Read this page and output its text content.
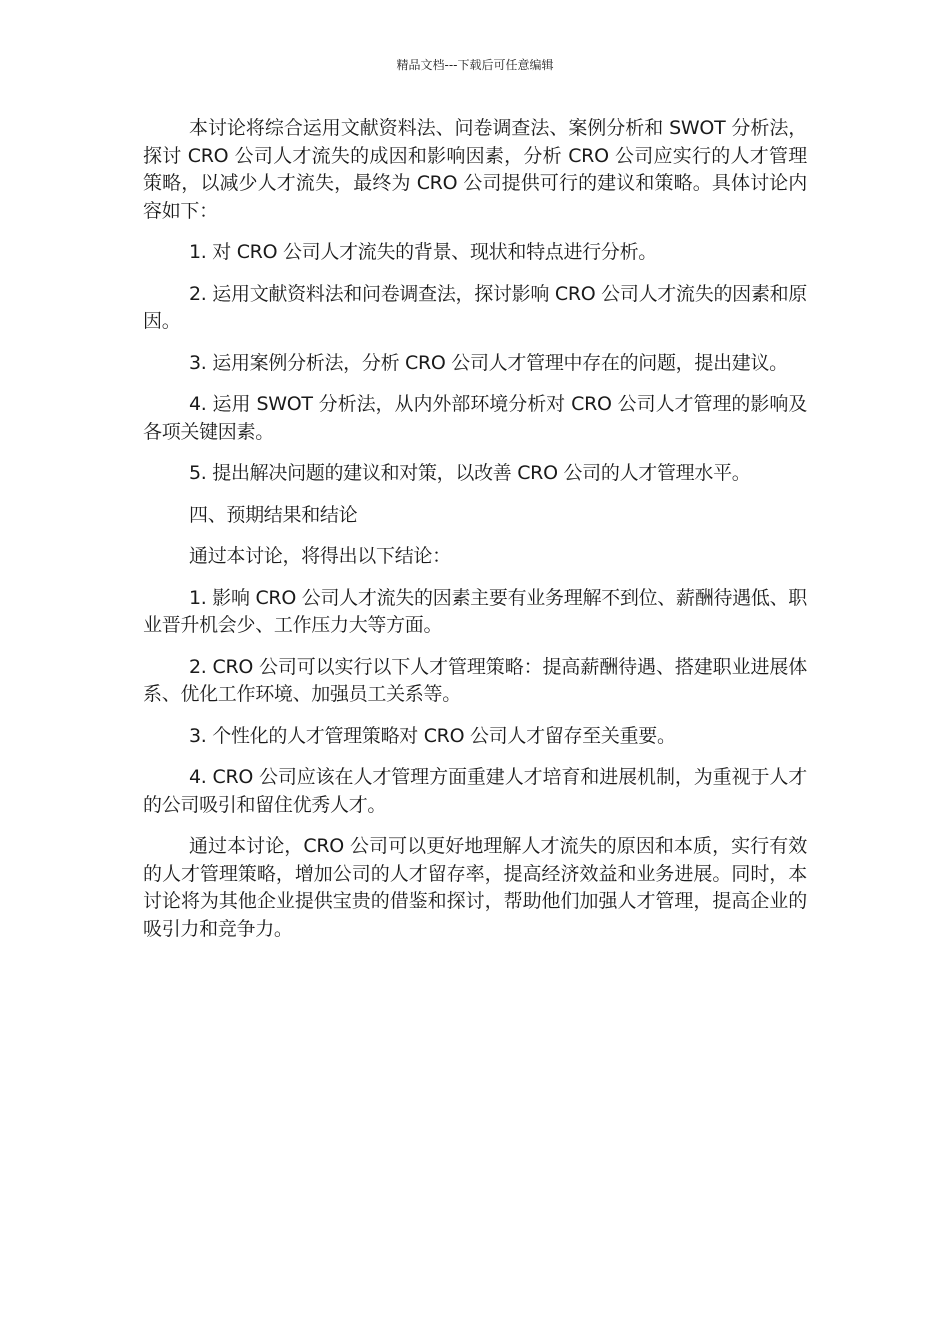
精品文档---下载后可任意编辑

本讨论将综合运用文献资料法、问卷调查法、案例分析和 SWOT 分析法，探讨 CRO 公司人才流失的成因和影响因素，分析 CRO 公司应实行的人才管理策略，以减少人才流失，最终为 CRO 公司提供可行的建议和策略。具体讨论内容如下：

1. 对 CRO 公司人才流失的背景、现状和特点进行分析。

2. 运用文献资料法和问卷调查法，探讨影响 CRO 公司人才流失的因素和原因。

3. 运用案例分析法，分析 CRO 公司人才管理中存在的问题，提出建议。

4. 运用 SWOT 分析法，从内外部环境分析对 CRO 公司人才管理的影响及各项关键因素。

5. 提出解决问题的建议和对策，以改善 CRO 公司的人才管理水平。

四、预期结果和结论

通过本讨论，将得出以下结论：

1. 影响 CRO 公司人才流失的因素主要有业务理解不到位、薪酬待遇低、职业晋升机会少、工作压力大等方面。

2. CRO 公司可以实行以下人才管理策略：提高薪酬待遇、搭建职业进展体系、优化工作环境、加强员工关系等。

3. 个性化的人才管理策略对 CRO 公司人才留存至关重要。

4. CRO 公司应该在人才管理方面重建人才培育和进展机制，为重视于人才的公司吸引和留住优秀人才。

通过本讨论，CRO 公司可以更好地理解人才流失的原因和本质，实行有效的人才管理策略，增加公司的人才留存率，提高经济效益和业务进展。同时，本讨论将为其他企业提供宝贵的借鉴和探讨，帮助他们加强人才管理，提高企业的吸引力和竞争力。
